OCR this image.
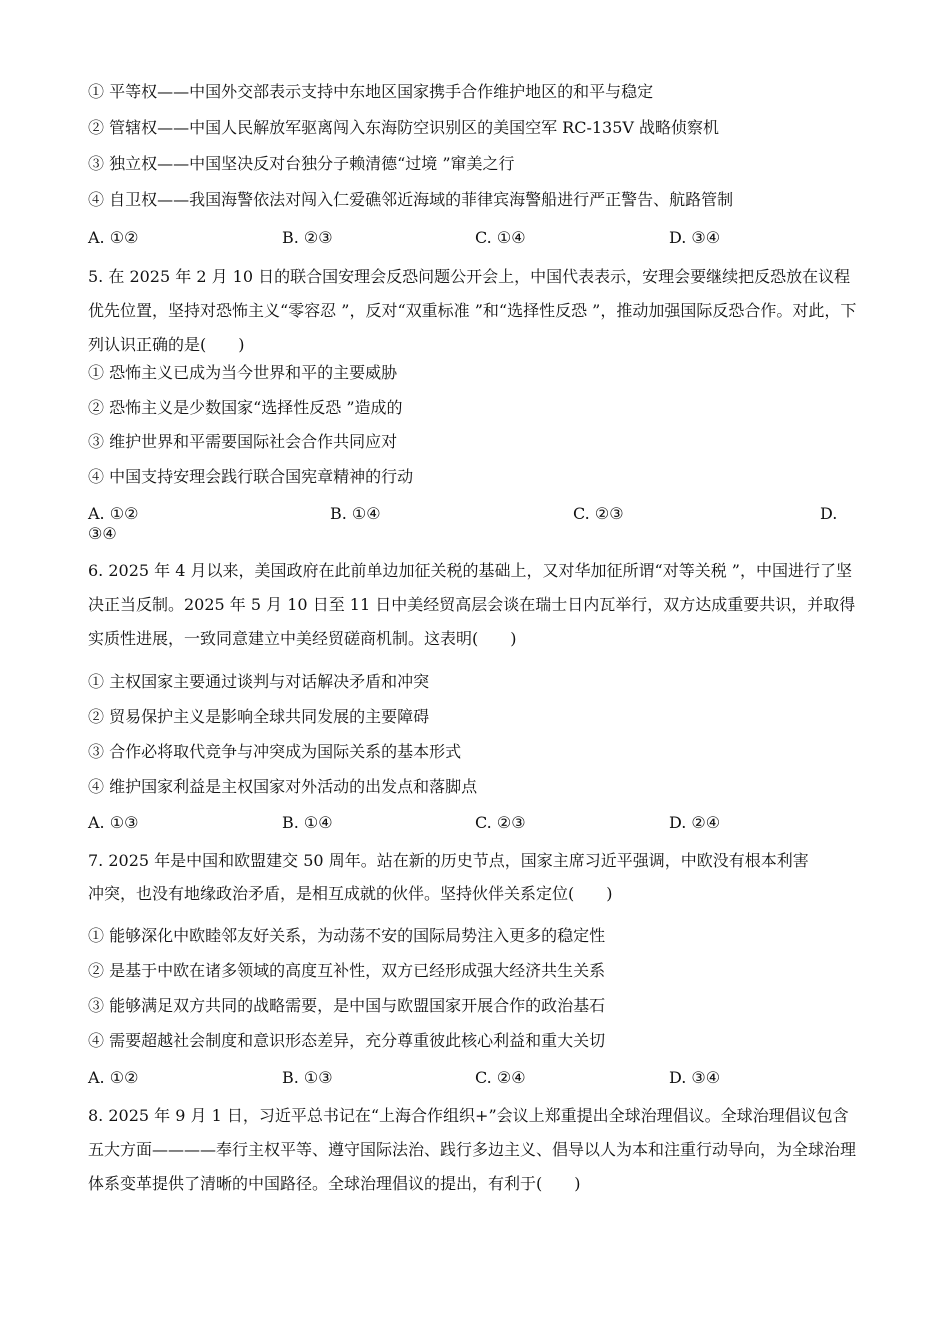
① 平等权——中国外交部表示支持中东地区国家携手合作维护地区的和平与稳定
② 管辖权——中国人民解放军驱离闯入东海防空识别区的美国空军 RC-135V 战略侦察机
③ 独立权——中国坚决反对台独分子赖清德“过境 ”窜美之行
④ 自卫权——我国海警依法对闯入仁爱礁邻近海域的菲律宾海警船进行严正警告、航路管制
A. ①②	B. ②③	C. ①④	D. ③④
5. 在 2025 年 2 月 10 日的联合国安理会反恐问题公开会上，中国代表表示，安理会要继续把反恐放在议程优先位置，坚持对恐怖主义“零容忍 ”，反对“双重标准 ”和“选择性反恐 ”，推动加强国际反恐合作。对此，下列认识正确的是(　　)
① 恐怖主义已成为当今世界和平的主要威胁
② 恐怖主义是少数国家“选择性反恐 ”造成的
③ 维护世界和平需要国际社会合作共同应对
④ 中国支持安理会践行联合国宪章精神的行动
A. ①②	B. ①④	C. ②③	D.
③④
6. 2025 年 4 月以来，美国政府在此前单边加征关税的基础上，又对华加征所谓“对等关税 ”，中国进行了坚决正当反制。2025 年 5 月 10 日至 11 日中美经贸高层会谈在瑞士日内瓦举行，双方达成重要共识，并取得实质性进展，一致同意建立中美经贸磋商机制。这表明(　　)
① 主权国家主要通过谈判与对话解决矛盾和冲突
② 贸易保护主义是影响全球共同发展的主要障碍
③ 合作必将取代竞争与冲突成为国际关系的基本形式
④ 维护国家利益是主权国家对外活动的出发点和落脚点
A. ①③	B. ①④	C. ②③	D. ②④
7. 2025 年是中国和欧盟建交 50 周年。站在新的历史节点，国家主席习近平强调，中欧没有根本利害
冲突，也没有地缘政治矛盾，是相互成就的伙伴。坚持伙伴关系定位(　　)
① 能够深化中欧睦邻友好关系，为动荡不安的国际局势注入更多的稳定性
② 是基于中欧在诸多领域的高度互补性，双方已经形成强大经济共生关系
③ 能够满足双方共同的战略需要，是中国与欧盟国家开展合作的政治基石
④ 需要超越社会制度和意识形态差异，充分尊重彼此核心利益和重大关切
A. ①②	B. ①③	C. ②④	D. ③④
8. 2025 年 9 月 1 日，习近平总书记在“上海合作组织+”会议上郑重提出全球治理倡议。全球治理倡议包含五大方面————奉行主权平等、遵守国际法治、践行多边主义、倡导以人为本和注重行动导向，为全球治理体系变革提供了清晰的中国路径。全球治理倡议的提出，有利于(　　)
